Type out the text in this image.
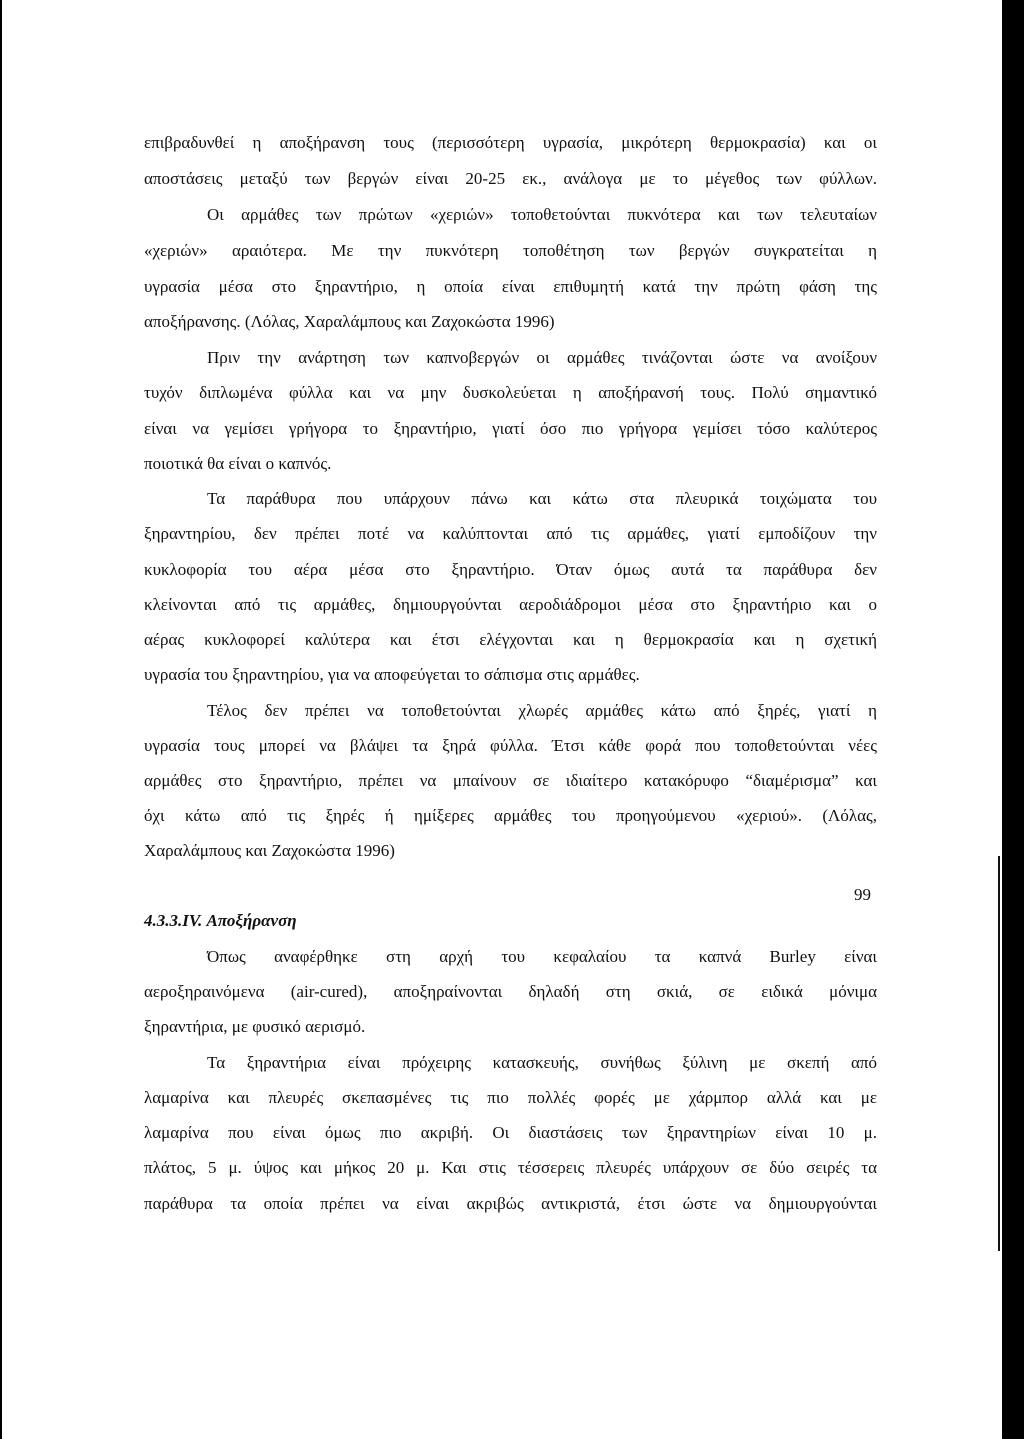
επιβραδυνθεί η αποξήρανση τους (περισσότερη υγρασία, μικρότερη θερμοκρασία) και οι
αποστάσεις μεταξύ των βεργών είναι 20-25 εκ., ανάλογα με το μέγεθος των φύλλων.
Οι αρμάθες των πρώτων «χεριών» τοποθετούνται πυκνότερα και των τελευταίων
«χεριών» αραιότερα. Με την πυκνότερη τοποθέτηση των βεργών συγκρατείται η
υγρασία μέσα στο ξηραντήριο, η οποία είναι επιθυμητή κατά την πρώτη φάση της
αποξήρανσης. (Λόλας, Χαραλάμπους και Ζαχοκώστα 1996)
Πριν την ανάρτηση των καπνοβεργών οι αρμάθες τινάζονται ώστε να ανοίξουν
τυχόν διπλωμένα φύλλα και να μην δυσκολεύεται η αποξήρανσή τους. Πολύ σημαντικό
είναι να γεμίσει γρήγορα το ξηραντήριο, γιατί όσο πιο γρήγορα γεμίσει τόσο καλύτερος
ποιοτικά θα είναι ο καπνός.
Τα παράθυρα που υπάρχουν πάνω και κάτω στα πλευρικά τοιχώματα του
ξηραντηρίου, δεν πρέπει ποτέ να καλύπτονται από τις αρμάθες, γιατί εμποδίζουν την
κυκλοφορία του αέρα μέσα στο ξηραντήριο. Όταν όμως αυτά τα παράθυρα δεν
κλείνονται από τις αρμάθες, δημιουργούνται αεροδιάδρομοι μέσα στο ξηραντήριο και ο
αέρας κυκλοφορεί καλύτερα και έτσι ελέγχονται και η θερμοκρασία και η σχετική
υγρασία του ξηραντηρίου, για να αποφεύγεται το σάπισμα στις αρμάθες.
Τέλος δεν πρέπει να τοποθετούνται χλωρές αρμάθες κάτω από ξηρές, γιατί η
υγρασία τους μπορεί να βλάψει τα ξηρά φύλλα. Έτσι κάθε φορά που τοποθετούνται νέες
αρμάθες στο ξηραντήριο, πρέπει να μπαίνουν σε ιδιαίτερο κατακόρυφο “διαμέρισμα” και
όχι κάτω από τις ξηρές ή ημίξερες αρμάθες του προηγούμενου «χεριού». (Λόλας,
Χαραλάμπους και Ζαχοκώστα 1996)
4.3.3.IV. Αποξήρανση
Όπως αναφέρθηκε στη αρχή του κεφαλαίου τα καπνά Burley είναι
αεροξηραινόμενα (air-cured), αποξηραίνονται δηλαδή στη σκιά, σε ειδικά μόνιμα
ξηραντήρια, με φυσικό αερισμό.
Τα ξηραντήρια είναι πρόχειρης κατασκευής, συνήθως ξύλινη με σκεπή από
λαμαρίνα και πλευρές σκεπασμένες τις πιο πολλές φορές με χάρμπορ αλλά και με
λαμαρίνα που είναι όμως πιο ακριβή. Οι διαστάσεις των ξηραντηρίων είναι 10 μ.
πλάτος, 5 μ. ύψος και μήκος 20 μ. Και στις τέσσερεις πλευρές υπάρχουν σε δύο σειρές τα
παράθυρα τα οποία πρέπει να είναι ακριβώς αντικριστά, έτσι ώστε να δημιουργούνται
99
